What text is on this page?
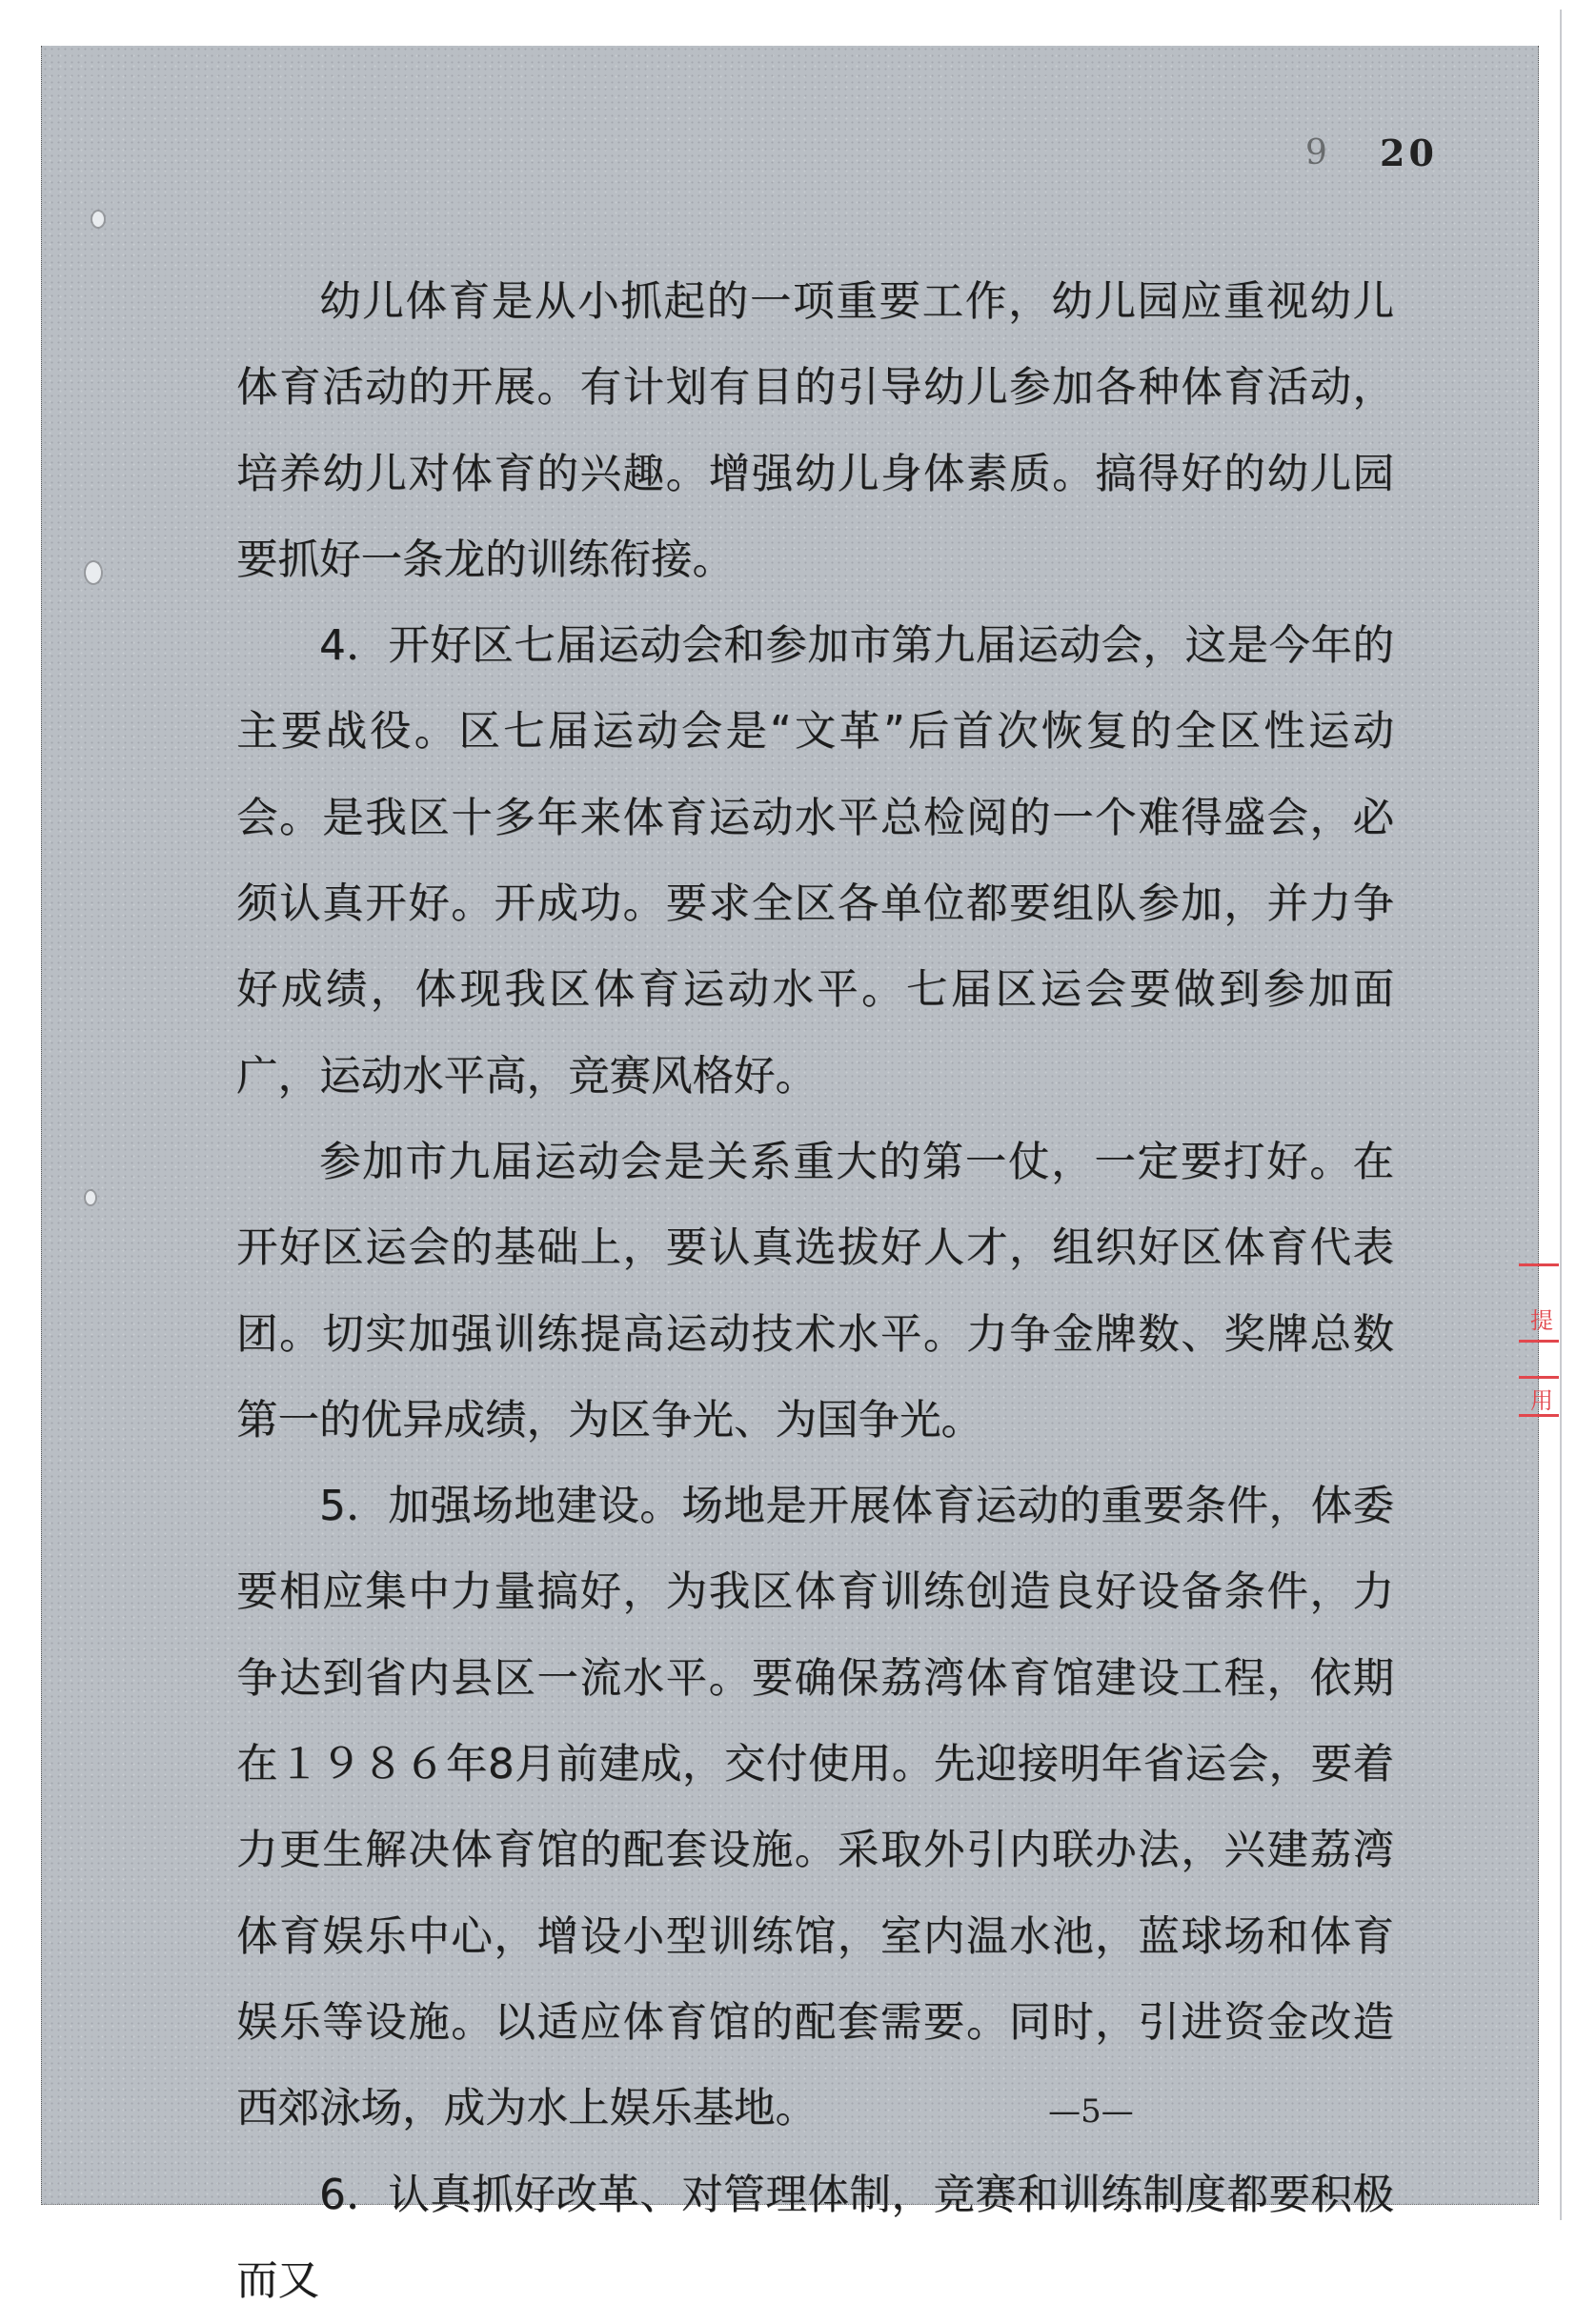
9 20

幼儿体育是从小抓起的一项重要工作，幼儿园应重视幼儿体育活动的开展。有计划有目的引导幼儿参加各种体育活动，培养幼儿对体育的兴趣。增强幼儿身体素质。搞得好的幼儿园要抓好一条龙的训练衔接。

4．开好区七届运动会和参加市第九届运动会，这是今年的主要战役。区七届运动会是“文革”后首次恢复的全区性运动会。是我区十多年来体育运动水平总检阅的一个难得盛会，必须认真开好。开成功。要求全区各单位都要组队参加，并力争好成绩，体现我区体育运动水平。七届区运会要做到参加面广，运动水平高，竞赛风格好。

参加市九届运动会是关系重大的第一仗，一定要打好。在开好区运会的基础上，要认真选拔好人才，组织好区体育代表团。切实加强训练提高运动技术水平。力争金牌数、奖牌总数第一的优异成绩，为区争光、为国争光。

5．加强场地建设。场地是开展体育运动的重要条件，体委要相应集中力量搞好，为我区体育训练创造良好设备条件，力争达到省内县区一流水平。要确保荔湾体育馆建设工程，依期在１９８６年8月前建成，交付使用。先迎接明年省运会，要着力更生解决体育馆的配套设施。采取外引内联办法，兴建荔湾体育娱乐中心，增设小型训练馆，室内温水池，蓝球场和体育娱乐等设施。以适应体育馆的配套需要。同时，引进资金改造西郊泳场，成为水上娱乐基地。

6．认真抓好改革、对管理体制，竞赛和训练制度都要积极而又

—5—
提
用
